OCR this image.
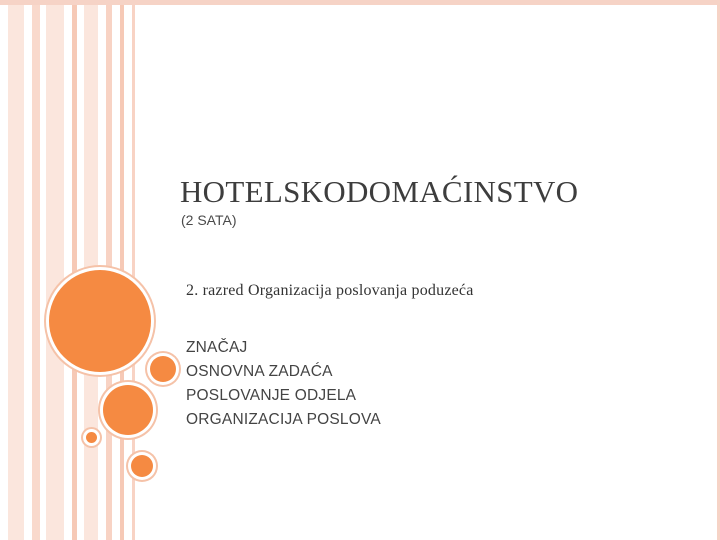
HOTELSKODOMAĆINSTVO
(2 SATA)
2. razred Organizacija poslovanja poduzeća
ZNAČAJ
OSNOVNA ZADAĆA
POSLOVANJE ODJELA
ORGANIZACIJA POSLOVA
